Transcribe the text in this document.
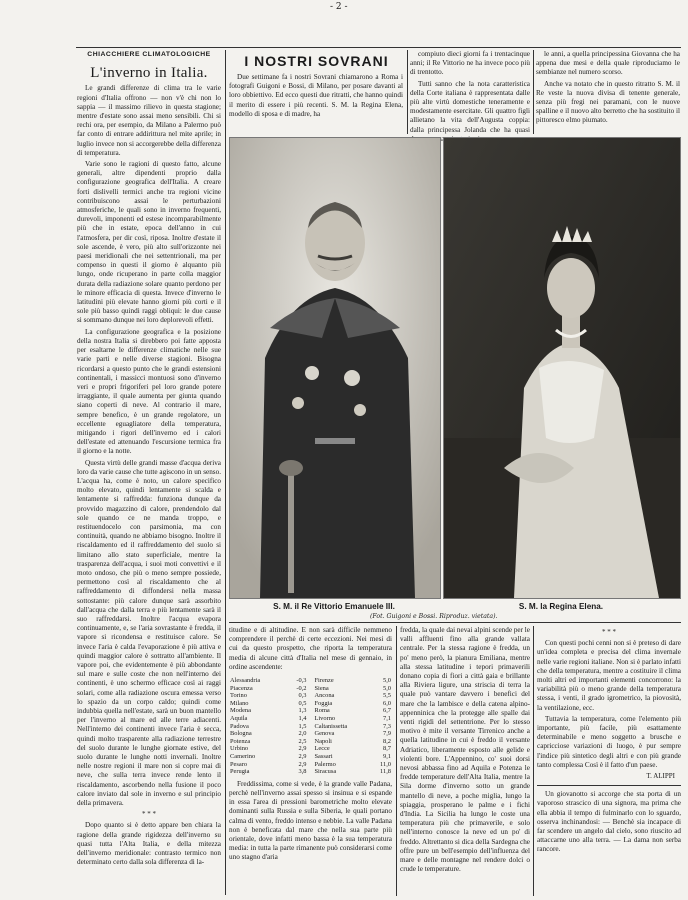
- 2 -
CHIACCHIERE CLIMATOLOGICHE
L'inverno in Italia.

Le grandi differenze di clima tra le varie regioni d'Italia offrono — non v'è chi non lo sappia — il massimo rilievo in questa stagione; mentre d'estate sono assai meno sensibili. Chi si rechi ora, per esempio, da Milano a Palermo può far conto di entrare addirittura nel mite aprile; in luglio invece non si accorgerebbe della differenza di temperatura.

Varie sono le ragioni di questo fatto, alcune generali, altre dipendenti proprio dalla configurazione geografica dell'Italia. A creare forti dislivelli termici anche tra regioni vicine contribuiscono assai le perturbazioni atmosferiche, le quali sono in inverno frequenti, durevoli, imponenti ed estese incomparabilmente più che in estate, epoca dell'anno in cui l'atmosfera, per dir così, riposa. Inoltre d'estate il sole ascende, è vero, più alto sull'orizzonte nei paesi meridionali che nei settentrionali, ma per compenso in questi il giorno è alquanto più lungo, onde ricuperano in parte colla maggior durata della radiazione solare quanto perdono per le minore efficacia di questa. Invece d'inverno le latitudini più elevate hanno giorni più corti e il sole più basso quindi raggi obliqui: le due cause si sommano dunque nei loro deplorevoli effetti.

La configurazione geografica e la posizione della nostra Italia si direbbero poi fatte apposta per esaltarne le differenze climatiche nelle sue varie parti e nelle diverse stagioni. Bisogna ricordarsi a questo punto che le grandi estensioni continentali, i massicci montuosi sono d'inverno veri e propri frigoriferi pel loro grande potere irraggiante, il quale aumenta per giunta quando siano coperti di neve. Al contrario il mare, sempre benefico, è un grande regolatore, un eccellente eguagliatore della temperatura, mitigando i rigori dell'inverno ed i calori dell'estate ed attenuando l'escursione termica fra il giorno e la notte.

Questa virtù delle grandi masse d'acqua deriva loro da varie cause che tutte agiscono in un senso. L'acqua ha, come è noto, un calore specifico molto elevato, quindi lentamente si scalda e lentamente si raffredda: funziona dunque da provvido magazzino di calore, prendendolo dal sole quando ce ne manda troppo, e restituendocelo con parsimonia, ma con continuità, quando ne abbiamo bisogno. Inoltre il riscaldamento ed il raffreddamento del suolo si limitano allo stato superficiale, mentre la trasparenza dell'acqua, i suoi moti convettivi e il moto ondoso, che più o meno sempre possiede, permettono così al riscaldamento che al raffreddamento di diffondersi nella massa sottostante: più calore dunque sarà assorbito dall'acqua che dalla terra e più lentamente sarà il suo raffreddarsi. Inoltre l'acqua evapora continuamente, e, se l'aria sovrastante è fredda, il vapore si ricondensa e restituisce calore. Se invece l'aria è calda l'evaporazione è più attiva e quindi maggior calore è sottratto all'ambiente. Il vapore poi, che evidentemente è più abbondante sul mare e sulle coste che non nell'interno dei continenti, è uno schermo efficace così ai raggi solari, come alla radiazione oscura emessa verso lo spazio da un corpo caldo; quindi come indubbia quella nell'estate, sarà un buon mantello per l'inverno al mare ed alle terre adiacenti. Nell'interno dei continenti invece l'aria è secca, quindi molto trasparente alla radiazione terrestre del suolo durante le lunghe giornate estive, del suolo durante le lunghe notti invernali. Inoltre nelle nostre regioni il mare non si copre mai di neve, che sulla terra invece rende lento il riscaldamento, ascorbendo nella fusione il poco calore inviato dal sole in inverno e sul principio della primavera.

* * *

Dopo quanto si è detto appare ben chiara la ragione della grande rigidezza dell'inverno su quasi tutta l'Alta Italia, e della mitezza dell'inverno meridionale: contrasto termico non determinato certo dalla sola differenza di la-

I NOSTRI SOVRANI

Due settimane fa i nostri Sovrani chiamarono a Roma i fotografi Guigoni e Bossi, di Milano, per posare davanti al loro obbiettivo. Ed ecco questi due ritratti, che hanno quindi il merito di essere i più recenti. S. M. la Regina Elena, modello di sposa e di madre, ha

compiuto dieci giorni fa i trentacinque anni; il Re Vittorio ne ha invece poco più di trentotto.

Tutti sanno che la nota caratteristica della Corte italiana è rappresentata dalle più alte virtù domestiche teneramente e modestamente esercitate. Gli quattro figli allietano la vita dell'Augusta coppia: dalla principessa Jolanda che ha quasi

le anni, a quella principessina Giovanna che ha appena due mesi e della quale riproduciamo le sembianze nel numero scorso.

Anche va notato che in questo ritratto S. M. il Re veste la nuova divisa di tenente generale, senza più fregi nei paramani, con le nuove spalline e il nuovo alto berretto che ha sostituito il pittoresco elmo piumato.

S. M. il Re Vittorio Emanuele III.	S. M. la Regina Elena.
(Fot. Guigoni e Bossi. Riproduz. vietata).

titudine e di altitudine. E non sarà difficile nemmeno comprendere il perchè di certe eccezioni. Nei mesi di cui da questo prospetto, che riporta la temperatura media di alcune città d'Italia nel mese di gennaio, in ordine ascendente:

Alessandria	-0,3
Piacenza	-0,2
Torino	0,3
Milano	0,5
Modena	1,3
Aquila	1,4
Padova	1,5
Bologna	2,0
Potenza	2,5
Urbino	2,9
Camerino	2,9
Pesaro	2,9
Perugia	3,8
Firenze	5,0
Siena	5,0
Ancona	5,5
Foggia	6,0
Roma	6,7
Livorno	7,1
Caltanissetta	7,3
Genova	7,9
Napoli	8,2
Lecce	8,7
Sassari	9,1
Palermo	11,0
Siracusa	11,8

Freddissima, come si vede, è la grande valle Padana, perchè nell'inverno assai spesso si insinua e si espande in essa l'area di pressioni barometriche molto elevate dominanti sulla Russia e sulla Siberia, le quali portano calma di vento, freddo intenso e nebbie. La valle Padana non è beneficata dal mare che nella sua parte più orientale, dove infatti meno bassa è la sua temperatura media: in tutta la parte rimanente può considerarsi come uno stagno d'aria

fredda, la quale dai nevai alpini scende per le valli affluenti fino alla grande vallata centrale. Per la stessa ragione è fredda, un po' meno però, la pianura Emiliana, mentre alla stessa latitudine i tepori primaverili donano copia di fiori a città gaia e brillante alla Riviera ligure, una striscia di terra la quale può vantare davvero i benefici del mare che la lambisce e della catena alpino-appenninica che la protegge alle spalle dai venti rigidi del settentrione. Per lo stesso motivo è mite il versante Tirrenico anche a quella latitudine in cui è freddo il versante Adriatico, liberamente esposto alle gelide e violenti bore. L'Appennino, co' suoi dorsi nevosi abbassa fino ad Aquila e Potenza le fredde temperature dell'Alta Italia, mentre la Sila dorme d'inverno sotto un grande mantello di neve, a poche miglia, lungo la spiaggia, prosperano le palme e i fichi d'India. La Sicilia ha lungo le coste una temperatura più che primaverile, e solo nell'interno conosce la neve ed un po' di freddo. Altrettanto si dica della Sardegna che offre pure un bell'esempio dell'influenza del mare e delle montagne nel rendere dolci o crude le temperature.

* * *

Con questi pochi cenni non si è preteso di dare un'idea completa e precisa del clima invernale nelle varie regioni italiane. Non si è parlato infatti che della temperatura, mentre a costituire il clima molti altri ed importanti elementi concorrono: la variabilità più o meno grande della temperatura stessa, i venti, il grado igrometrico, la piovosità, la ventilazione, ecc.

Tuttavia la temperatura, come l'elemento più importante, più facile, più esattamente determinabile e meno soggetto a brusche e capricciose variazioni di luogo, è pur sempre l'indice più sintetico degli altri e con più grande tanto complessa Così è il fatto d'un paese.

T. ALIPPI

Un giovanotto si accorge che sta porta di un vaporoso strascico di una signora, ma prima che ella abbia il tempo di fulminarlo con lo sguardo, osserva inchinandosi: — Benchè sia incapace di far scendere un angelo dal cielo, sono riuscito ad attaccarne uno alla terra. — La dama non serba rancore.
